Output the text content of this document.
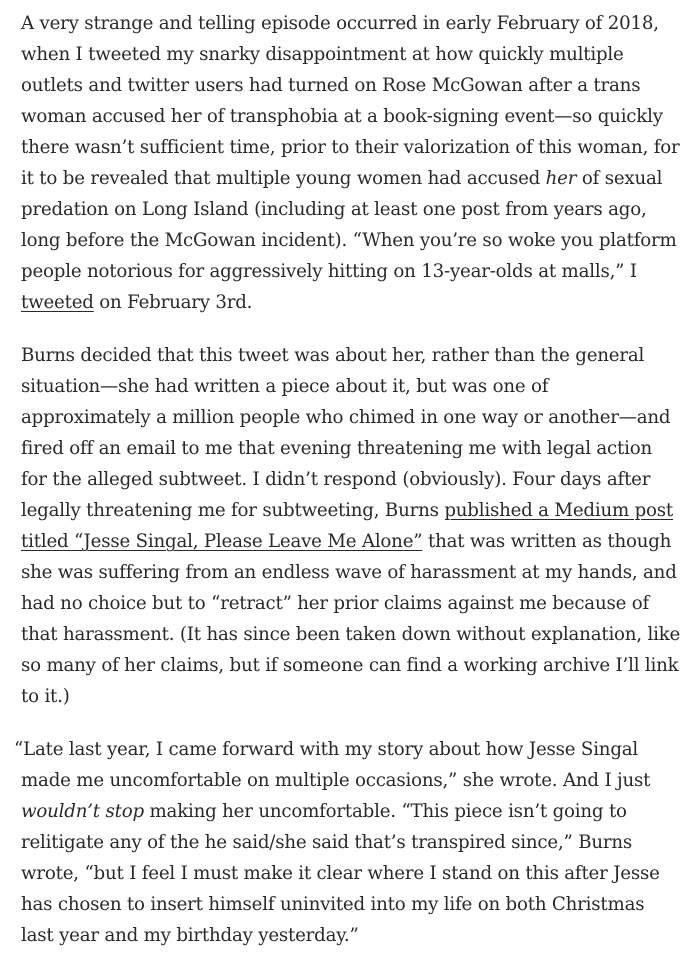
A very strange and telling episode occurred in early February of 2018, when I tweeted my snarky disappointment at how quickly multiple outlets and twitter users had turned on Rose McGowan after a trans woman accused her of transphobia at a book-signing event—so quickly there wasn’t sufficient time, prior to their valorization of this woman, for it to be revealed that multiple young women had accused her of sexual predation on Long Island (including at least one post from years ago, long before the McGowan incident). “When you’re so woke you platform people notorious for aggressively hitting on 13-year-olds at malls,” I tweeted on February 3rd.

Burns decided that this tweet was about her, rather than the general situation—she had written a piece about it, but was one of approximately a million people who chimed in one way or another—and fired off an email to me that evening threatening me with legal action for the alleged subtweet. I didn’t respond (obviously). Four days after legally threatening me for subtweeting, Burns published a Medium post titled “Jesse Singal, Please Leave Me Alone” that was written as though she was suffering from an endless wave of harassment at my hands, and had no choice but to “retract” her prior claims against me because of that harassment. (It has since been taken down without explanation, like so many of her claims, but if someone can find a working archive I’ll link to it.)

“Late last year, I came forward with my story about how Jesse Singal made me uncomfortable on multiple occasions,” she wrote. And I just wouldn’t stop making her uncomfortable. “This piece isn’t going to relitigate any of the he said/she said that’s transpired since,” Burns wrote, “but I feel I must make it clear where I stand on this after Jesse has chosen to insert himself uninvited into my life on both Christmas last year and my birthday yesterday.”
